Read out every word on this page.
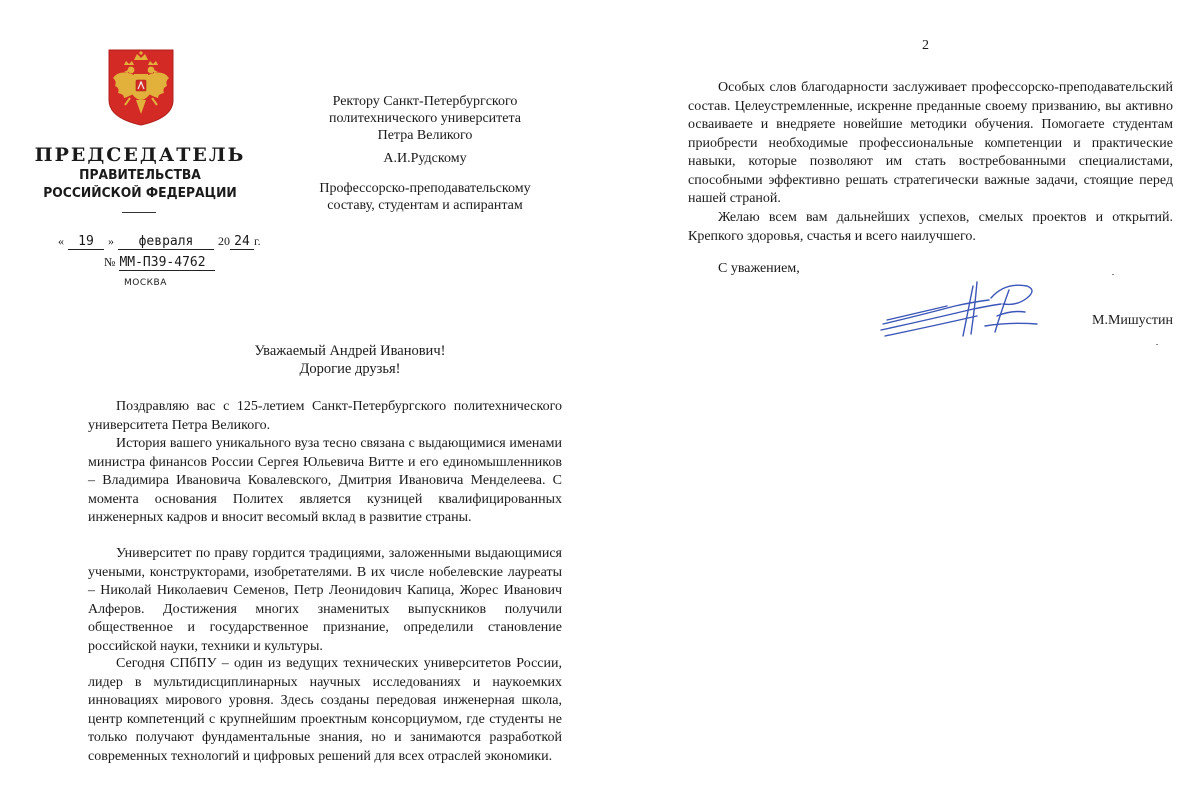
ПРЕДСЕДАТЕЛЬ
ПРАВИТЕЛЬСТВА
РОССИЙСКОЙ ФЕДЕРАЦИИ
« 19 » февраля 20 24 г.
№ ММ-П39-4762
МОСКВА
Ректору Санкт-Петербургского
политехнического университета
Петра Великого
А.И.Рудскому
Профессорско-преподавательскому
составу, студентам и аспирантам
Уважаемый Андрей Иванович!
Дорогие друзья!

Поздравляю вас с 125-летием Санкт-Петербургского политехнического университета Петра Великого.

История вашего уникального вуза тесно связана с выдающимися именами министра финансов России Сергея Юльевича Витте и его единомышленников – Владимира Ивановича Ковалевского, Дмитрия Ивановича Менделеева. С момента основания Политех является кузницей квалифицированных инженерных кадров и вносит весомый вклад в развитие страны.

Университет по праву гордится традициями, заложенными выдающимися учеными, конструкторами, изобретателями. В их числе нобелевские лауреаты – Николай Николаевич Семенов, Петр Леонидович Капица, Жорес Иванович Алферов. Достижения многих знаменитых выпускников получили общественное и государственное признание, определили становление российской науки, техники и культуры.

Сегодня СПбПУ – один из ведущих технических университетов России, лидер в мультидисциплинарных научных исследованиях и наукоемких инновациях мирового уровня. Здесь созданы передовая инженерная школа, центр компетенций с крупнейшим проектным консорциумом, где студенты не только получают фундаментальные знания, но и занимаются разработкой современных технологий и цифровых решений для всех отраслей экономики.

2

Особых слов благодарности заслуживает профессорско-преподавательский состав. Целеустремленные, искренне преданные своему призванию, вы активно осваиваете и внедряете новейшие методики обучения. Помогаете студентам приобрести необходимые профессиональные компетенции и практические навыки, которые позволяют им стать востребованными специалистами, способными эффективно решать стратегически важные задачи, стоящие перед нашей страной.

Желаю всем вам дальнейших успехов, смелых проектов и открытий. Крепкого здоровья, счастья и всего наилучшего.

С уважением,
М.Мишустин
